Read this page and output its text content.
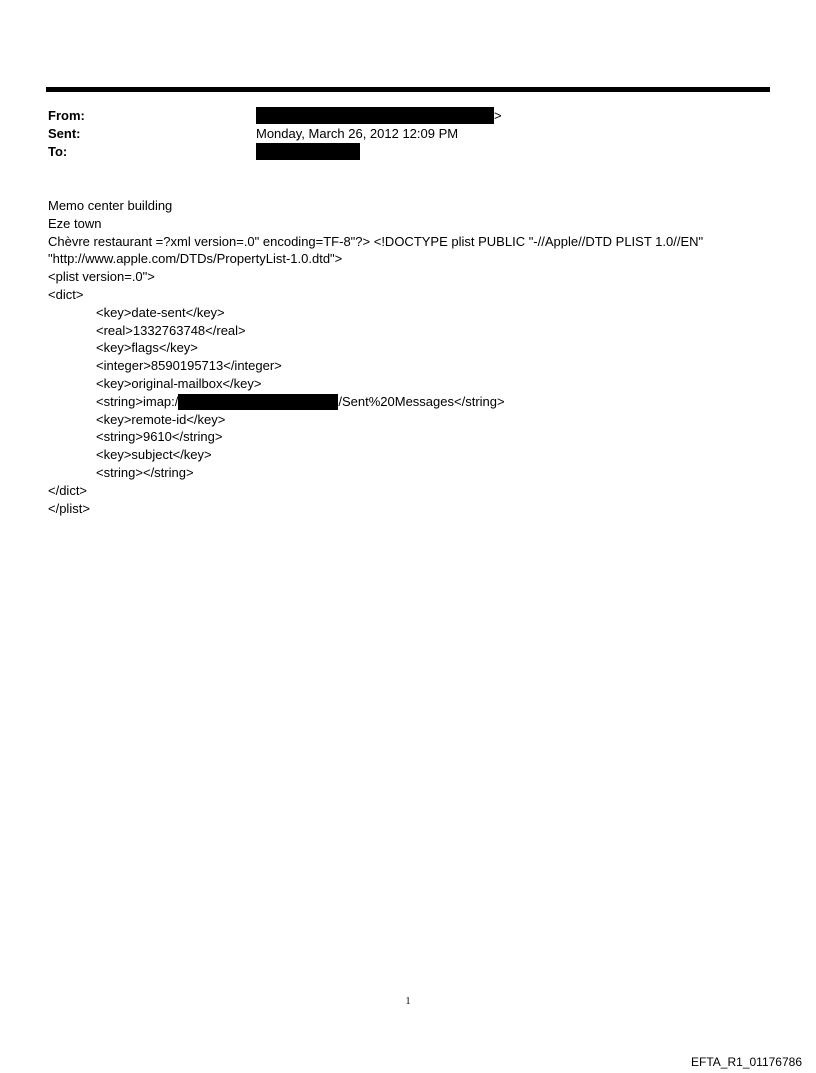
From:	>
Sent:	Monday, March 26, 2012 12:09 PM
To:
Memo center building
Eze town
Chèvre restaurant =?xml version=.0" encoding=TF-8"?> <!DOCTYPE plist PUBLIC "-//Apple//DTD PLIST 1.0//EN"
"http://www.apple.com/DTDs/PropertyList-1.0.dtd">
<plist version=.0">
<dict>
<key>date-sent</key>
<real>1332763748</real>
<key>flags</key>
<integer>8590195713</integer>
<key>original-mailbox</key>
<string>imap:/	/Sent%20Messages</string>
<key>remote-id</key>
<string>9610</string>
<key>subject</key>
<string></string>
</dict>
</plist>
1
EFTA_R1_01176786
